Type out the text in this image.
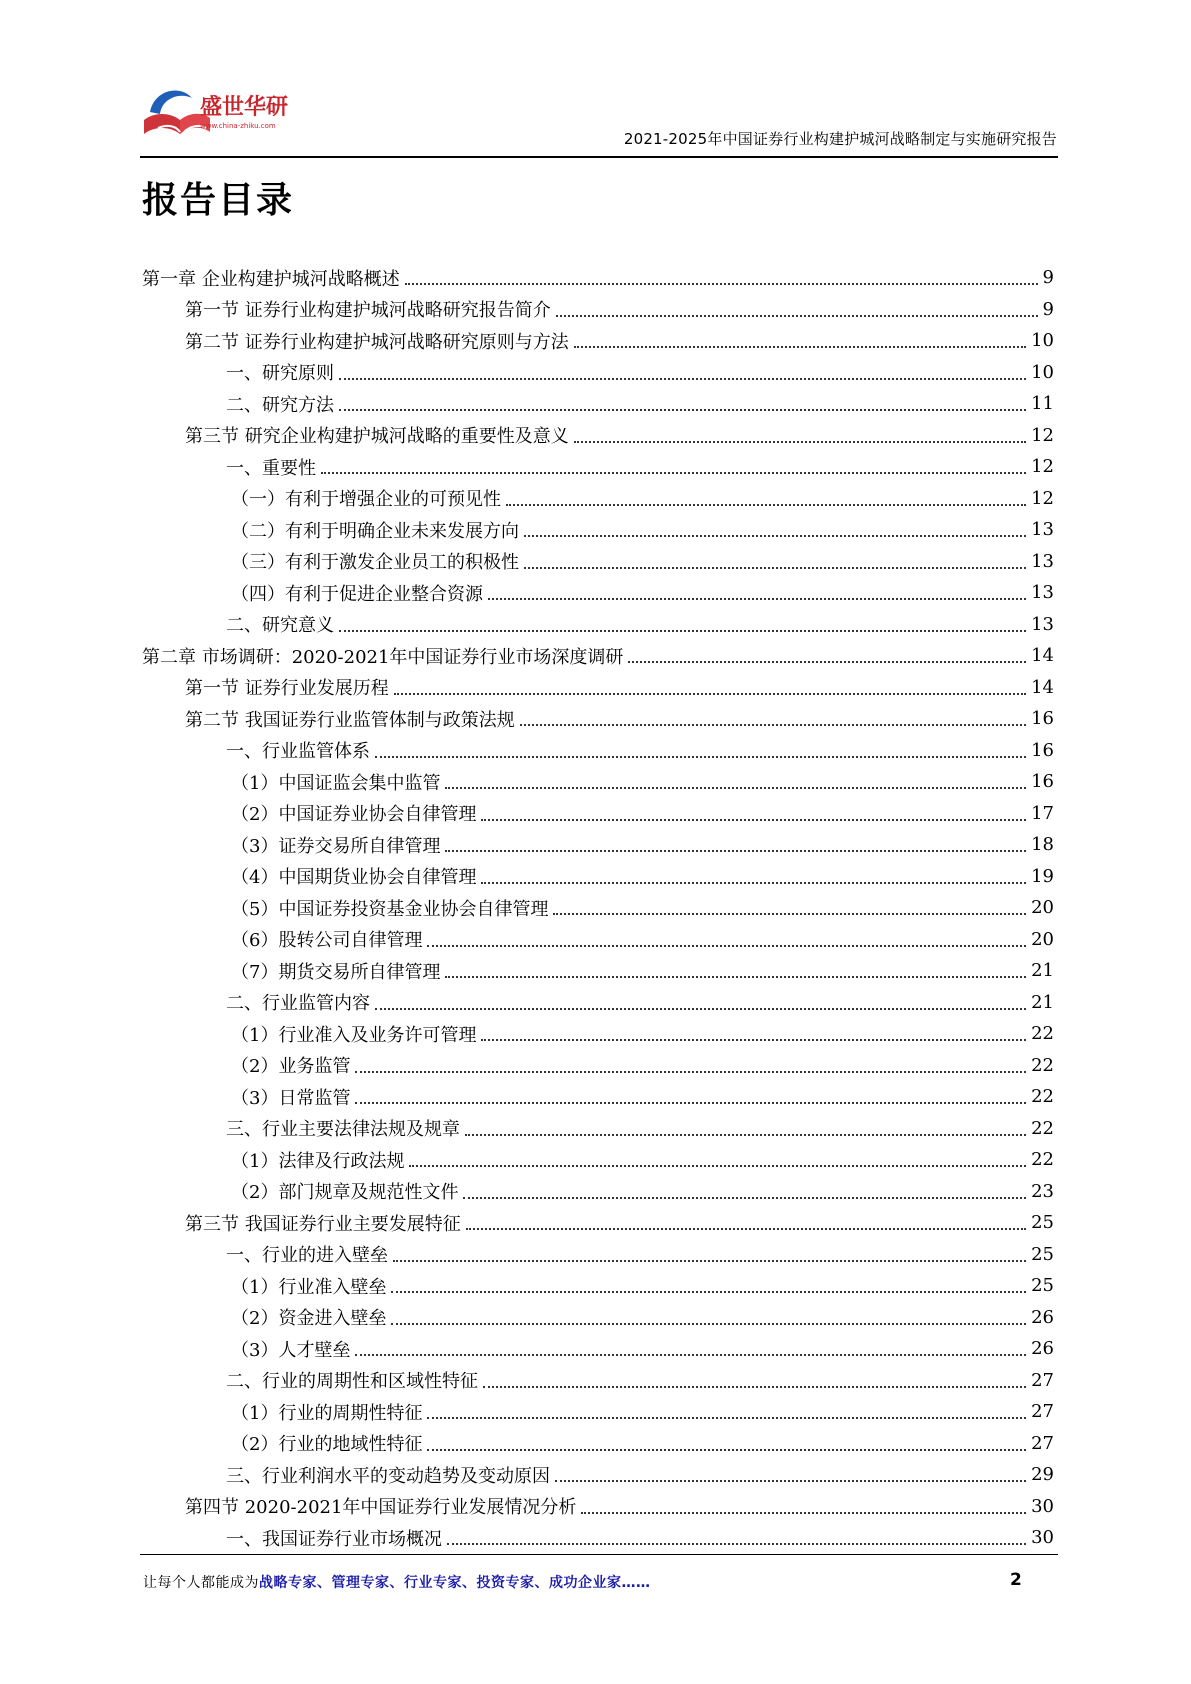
盛世华研
www.china-zhiku.com
2021-2025年中国证券行业构建护城河战略制定与实施研究报告
报告目录
第一章 企业构建护城河战略概述	9
第一节 证券行业构建护城河战略研究报告简介	9
第二节 证券行业构建护城河战略研究原则与方法	10
一、研究原则	10
二、研究方法	11
第三节 研究企业构建护城河战略的重要性及意义	12
一、重要性	12
（一）有利于增强企业的可预见性	12
（二）有利于明确企业未来发展方向	13
（三）有利于激发企业员工的积极性	13
（四）有利于促进企业整合资源	13
二、研究意义	13
第二章 市场调研：2020-2021年中国证券行业市场深度调研	14
第一节 证券行业发展历程	14
第二节 我国证券行业监管体制与政策法规	16
一、行业监管体系	16
（1）中国证监会集中监管	16
（2）中国证券业协会自律管理	17
（3）证券交易所自律管理	18
（4）中国期货业协会自律管理	19
（5）中国证券投资基金业协会自律管理	20
（6）股转公司自律管理	20
（7）期货交易所自律管理	21
二、行业监管内容	21
（1）行业准入及业务许可管理	22
（2）业务监管	22
（3）日常监管	22
三、行业主要法律法规及规章	22
（1）法律及行政法规	22
（2）部门规章及规范性文件	23
第三节 我国证券行业主要发展特征	25
一、行业的进入壁垒	25
（1）行业准入壁垒	25
（2）资金进入壁垒	26
（3）人才壁垒	26
二、行业的周期性和区域性特征	27
（1）行业的周期性特征	27
（2）行业的地域性特征	27
三、行业利润水平的变动趋势及变动原因	29
第四节 2020-2021年中国证券行业发展情况分析	30
一、我国证券行业市场概况	30
让每个人都能成为战略专家、管理专家、行业专家、投资专家、成功企业家……	2
